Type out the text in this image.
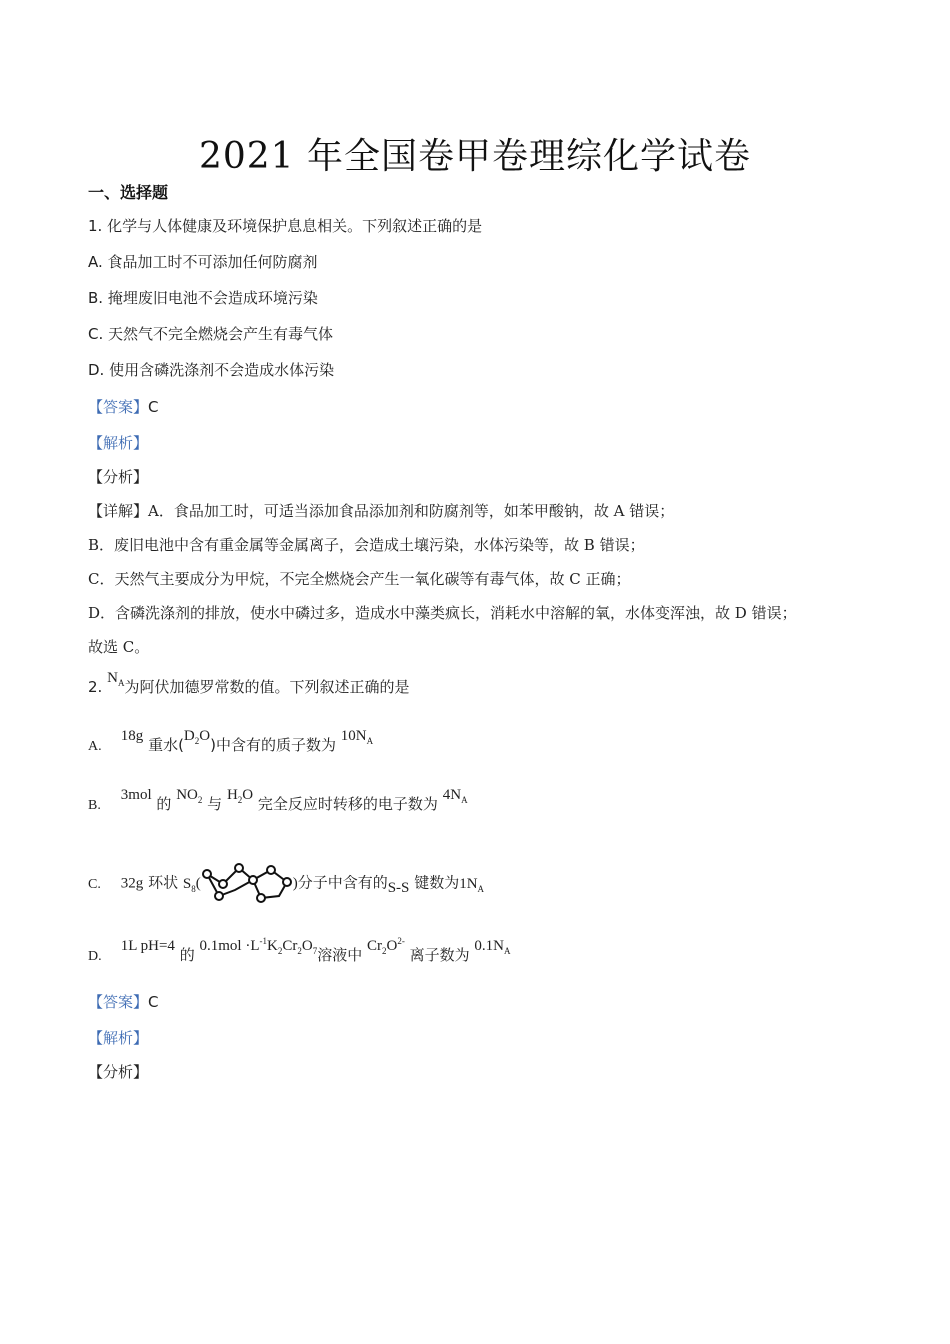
2021 年全国卷甲卷理综化学试卷
一、选择题
1. 化学与人体健康及环境保护息息相关。下列叙述正确的是
A. 食品加工时不可添加任何防腐剂
B. 掩埋废旧电池不会造成环境污染
C. 天然气不完全燃烧会产生有毒气体
D. 使用含磷洗涤剂不会造成水体污染
【答案】C
【解析】
【分析】
【详解】A．食品加工时，可适当添加食品添加剂和防腐剂等，如苯甲酸钠，故 A 错误；
B．废旧电池中含有重金属等金属离子，会造成土壤污染，水体污染等，故 B 错误；
C．天然气主要成分为甲烷，不完全燃烧会产生一氧化碳等有毒气体，故 C 正确；
D．含磷洗涤剂的排放，使水中磷过多，造成水中藻类疯长，消耗水中溶解的氧，水体变浑浊，故 D 错误；
故选 C。
2. $N_A$为阿伏加德罗常数的值。下列叙述正确的是
A. 18g 重水$(D_2O)$中含有的质子数为 $10N_A$
B. 3mol 的 $NO_2$ 与 $H_2O$ 完全反应时转移的电子数为 $4N_A$
C. 32g 环状 $S_8$(	)分子中含有的S-S 键数为$1N_A$
D. 1L pH=4 的 $0.1mol \cdot L^{-1}K_2Cr_2O_7$溶液中 $Cr_2O^{2-}$ 离子数为 $0.1N_A$
【答案】C
【解析】
【分析】
